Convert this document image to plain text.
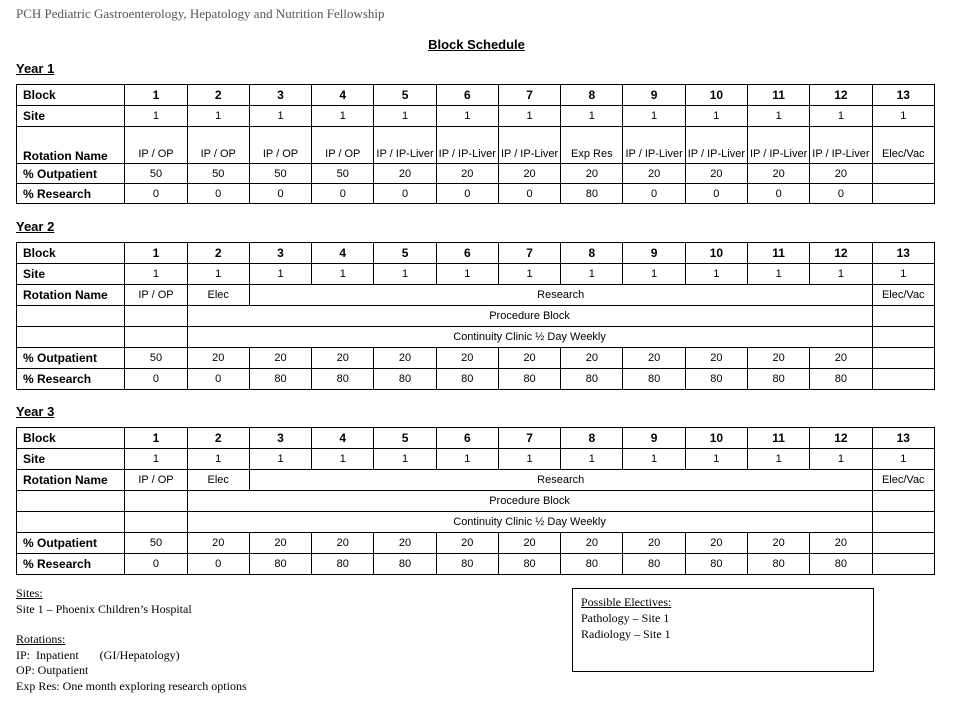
PCH Pediatric Gastroenterology, Hepatology and Nutrition Fellowship
Block Schedule
Year 1
Block	1	2	3	4	5	6	7	8	9	10	11	12	13
Site	1	1	1	1	1	1	1	1	1	1	1	1	1
Rotation Name	IP / OP	IP / OP	IP / OP	IP / OP	IP / IP-Liver	IP / IP-Liver	IP / IP-Liver	Exp Res	IP / IP-Liver	IP / IP-Liver	IP / IP-Liver	IP / IP-Liver	Elec/Vac
% Outpatient	50	50	50	50	20	20	20	20	20	20	20	20	
% Research	0	0	0	0	0	0	0	80	0	0	0	0	
Year 2
Block	1	2	3	4	5	6	7	8	9	10	11	12	13
Site	1	1	1	1	1	1	1	1	1	1	1	1	1
Rotation Name	IP / OP	Elec	Research										Elec/Vac
		Procedure Block											
		Continuity Clinic ½ Day Weekly											
% Outpatient	50	20	20	20	20	20	20	20	20	20	20	20	
% Research	0	0	80	80	80	80	80	80	80	80	80	80	
Year 3
Block	1	2	3	4	5	6	7	8	9	10	11	12	13
Site	1	1	1	1	1	1	1	1	1	1	1	1	1
Rotation Name	IP / OP	Elec	Research										Elec/Vac
		Procedure Block											
		Continuity Clinic ½ Day Weekly											
% Outpatient	50	20	20	20	20	20	20	20	20	20	20	20	
% Research	0	0	80	80	80	80	80	80	80	80	80	80	
Sites:
Site 1 – Phoenix Children’s Hospital
Rotations:
IP:  Inpatient       (GI/Hepatology)
OP: Outpatient
Exp Res: One month exploring research options
Possible Electives:
Pathology – Site 1
Radiology – Site 1
